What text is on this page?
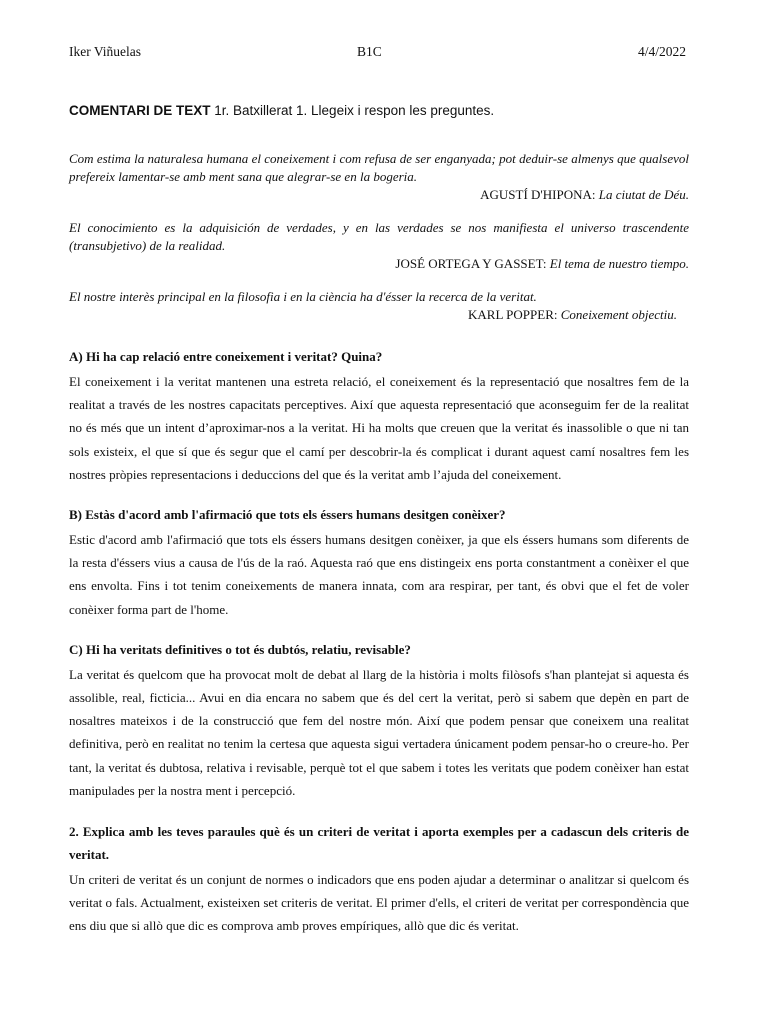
Iker Viñuelas	B1C	4/4/2022

COMENTARI DE TEXT 1r. Batxillerat 1. Llegeix i respon les preguntes.

Com estima la naturalesa humana el coneixement i com refusa de ser enganyada; pot deduir-se almenys que qualsevol prefereix lamentar-se amb ment sana que alegrar-se en la bogeria.

AGUSTÍ D'HIPONA: La ciutat de Déu.

El conocimiento es la adquisición de verdades, y en las verdades se nos manifiesta el universo trascendente (transubjetivo) de la realidad.

JOSÉ ORTEGA Y GASSET: El tema de nuestro tiempo.

El nostre interès principal en la filosofia i en la ciència ha d'ésser la recerca de la veritat.

KARL POPPER: Coneixement objectiu.

A) Hi ha cap relació entre coneixement i veritat? Quina?

El coneixement i la veritat mantenen una estreta relació, el coneixement és la representació que nosaltres fem de la realitat a través de les nostres capacitats perceptives. Així que aquesta representació que aconseguim fer de la realitat no és més que un intent d’aproximar-nos a la veritat. Hi ha molts que creuen que la veritat és inassolible o que ni tan sols existeix, el que sí que és segur que el camí per descobrir-la és complicat i durant aquest camí nosaltres fem les nostres pròpies representacions i deduccions del que és la veritat amb l’ajuda del coneixement.

B) Estàs d'acord amb l'afirmació que tots els éssers humans desitgen conèixer?

Estic d'acord amb l'afirmació que tots els éssers humans desitgen conèixer, ja que els éssers humans som diferents de la resta d'éssers vius a causa de l'ús de la raó. Aquesta raó que ens distingeix ens porta constantment a conèixer el que ens envolta. Fins i tot tenim coneixements de manera innata, com ara respirar, per tant, és obvi que el fet de voler conèixer forma part de l'home.

C) Hi ha veritats definitives o tot és dubtós, relatiu, revisable?

La veritat és quelcom que ha provocat molt de debat al llarg de la història i molts filòsofs s'han plantejat si aquesta és assolible, real, ficticia... Avui en dia encara no sabem que és del cert la veritat, però si sabem que depèn en part de nosaltres mateixos i de la construcció que fem del nostre món. Així que podem pensar que coneixem una realitat definitiva, però en realitat no tenim la certesa que aquesta sigui vertadera únicament podem pensar-ho o creure-ho. Per tant, la veritat és dubtosa, relativa i revisable, perquè tot el que sabem i totes les veritats que podem conèixer han estat manipulades per la nostra ment i percepció.

2. Explica amb les teves paraules què és un criteri de veritat i aporta exemples per a cadascun dels criteris de veritat.

Un criteri de veritat és un conjunt de normes o indicadors que ens poden ajudar a determinar o analitzar si quelcom és veritat o fals. Actualment, existeixen set criteris de veritat. El primer d'ells, el criteri de veritat per correspondència que ens diu que si allò que dic es comprova amb proves empíriques, allò que dic és veritat.
